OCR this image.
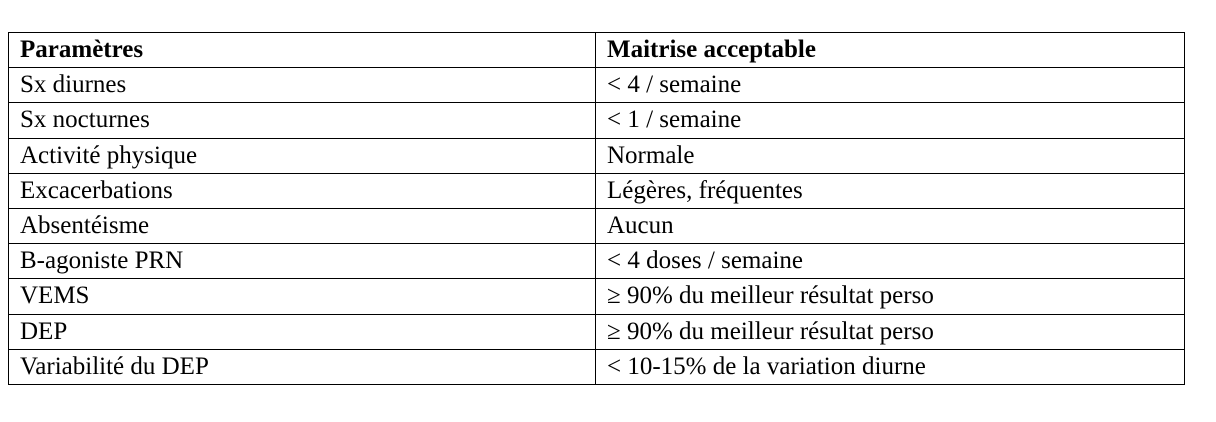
Paramètres	Maitrise acceptable
Sx diurnes	< 4 / semaine
Sx nocturnes	< 1 / semaine
Activité physique	Normale
Excacerbations	Légères, fréquentes
Absentéisme	Aucun
B-agoniste PRN	< 4 doses / semaine
VEMS	≥ 90% du meilleur résultat perso
DEP	≥ 90% du meilleur résultat perso
Variabilité du DEP	< 10-15% de la variation diurne
